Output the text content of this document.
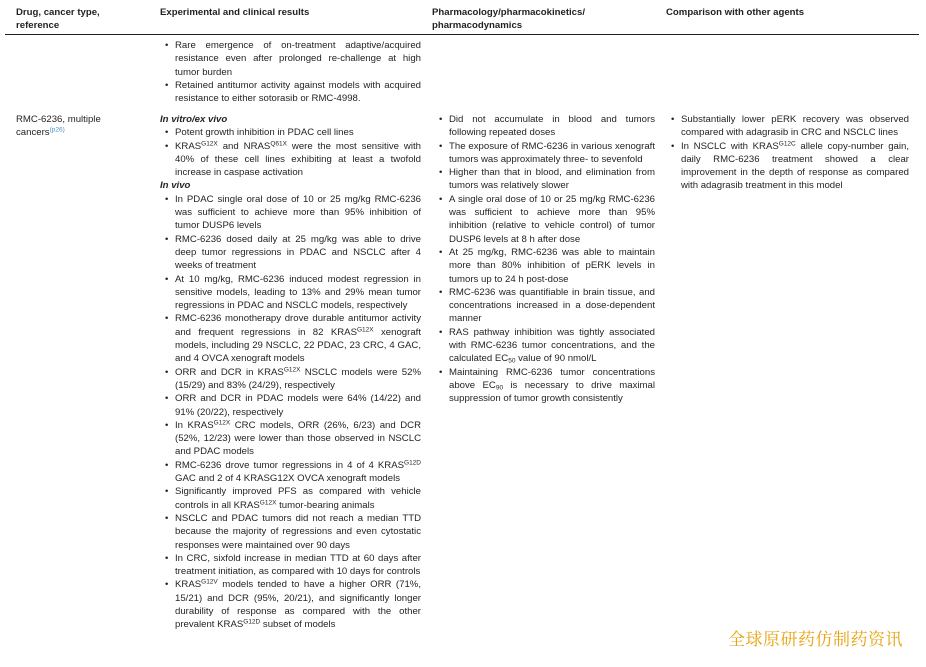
Drug, cancer type, reference
Experimental and clinical results	Pharmacology/pharmacokinetics/ pharmacodynamics
Comparison with other agents
• Rare emergence of on-treatment adaptive/acquired resistance even after prolonged re-challenge at high tumor burden
• Retained antitumor activity against models with acquired resistance to either sotorasib or RMC-4998.
RMC-6236, multiple cancers$^{(p26)}$
In vitro/ex vivo
• Potent growth inhibition in PDAC cell lines
• $KRAS^{G12X}$ and $NRAS^{Q61X}$ were the most sensitive with 40% of these cell lines exhibiting at least a twofold increase in caspase activation
In vivo
• In PDAC single oral dose of 10 or 25 mg/kg RMC-6236 was sufficient to achieve more than 95% inhibition of tumor DUSP6 levels
• RMC-6236 dosed daily at 25 mg/kg was able to drive deep tumor regressions in PDAC and NSCLC after 4 weeks of treatment
• At 10 mg/kg, RMC-6236 induced modest regression in sensitive models, leading to 13% and 29% mean tumor regressions in PDAC and NSCLC models, respectively
• RMC-6236 monotherapy drove durable antitumor activity and frequent regressions in 82 $KRAS^{G12X}$ xenograft models, including 29 NSCLC, 22 PDAC, 23 CRC, 4 GAC, and 4 OVCA xenograft models
• ORR and DCR in $KRAS^{G12X}$ NSCLC models were 52% (15/29) and 83% (24/29), respectively
• ORR and DCR in PDAC models were 64% (14/22) and 91% (20/22), respectively
• In $KRAS^{G12X}$ CRC models, ORR (26%, 6/23) and DCR (52%, 12/23) were lower than those observed in NSCLC and PDAC models
• RMC-6236 drove tumor regressions in 4 of 4 $KRAS^{G12D}$ GAC and 2 of 4 KRASG12X OVCA xenograft models
• Significantly improved PFS as compared with vehicle controls in all $KRAS^{G12X}$ tumor-bearing animals
• NSCLC and PDAC tumors did not reach a median TTD because the majority of regressions and even cytostatic responses were maintained over 90 days
• In CRC, sixfold increase in median TTD at 60 days after treatment initiation, as compared with 10 days for controls
• $KRAS^{G12V}$ models tended to have a higher ORR (71%, 15/21) and DCR (95%, 20/21), and significantly longer durability of response as compared with the other prevalent $KRAS^{G12D}$ subset of models
• Did not accumulate in blood and tumors following repeated doses
• The exposure of RMC-6236 in various xenograft tumors was approximately three- to sevenfold
• Higher than that in blood, and elimination from tumors was relatively slower
• A single oral dose of 10 or 25 mg/kg RMC-6236 was sufficient to achieve more than 95% inhibition (relative to vehicle control) of tumor DUSP6 levels at 8 h after dose
• At 25 mg/kg, RMC-6236 was able to maintain more than 80% inhibition of pERK levels in tumors up to 24 h post-dose
• RMC-6236 was quantifiable in brain tissue, and concentrations increased in a dose-dependent manner
• RAS pathway inhibition was tightly associated with RMC-6236 tumor concentrations, and the calculated $EC_{50}$ value of 90 nmol/L
• Maintaining RMC-6236 tumor concentrations above $EC_{90}$ is necessary to drive maximal suppression of tumor growth consistently
• Substantially lower pERK recovery was observed compared with adagrasib in CRC and NSCLC lines
• In NSCLC with $KRAS^{G12C}$ allele copy-number gain, daily RMC-6236 treatment showed a clear improvement in the depth of response as compared with adagrasib treatment in this model
全球原研药仿制药资讯
